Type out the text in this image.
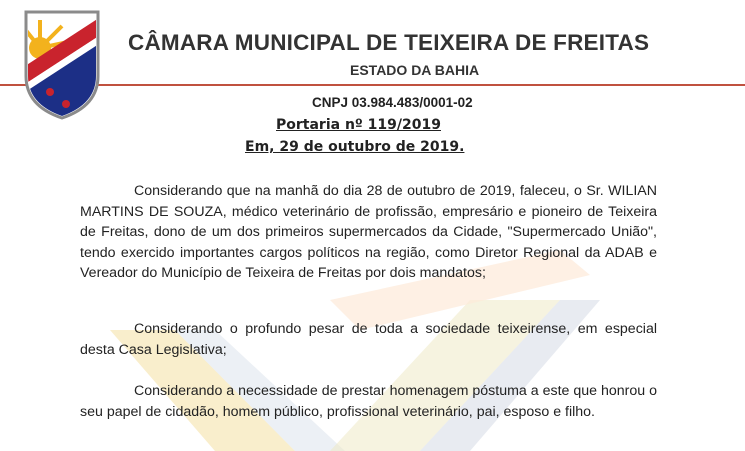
CÂMARA MUNICIPAL DE TEIXEIRA DE FREITAS
ESTADO DA BAHIA
CNPJ 03.984.483/0001-02
Portaria nº 119/2019
Em, 29 de outubro de 2019.

Considerando que na manhã do dia 28 de outubro de 2019, faleceu, o Sr. WILIAN MARTINS DE SOUZA, médico veterinário de profissão, empresário e pioneiro de Teixeira de Freitas, dono de um dos primeiros supermercados da Cidade, "Supermercado União", tendo exercido importantes cargos políticos na região, como Diretor Regional da ADAB e Vereador do Município de Teixeira de Freitas por dois mandatos;

Considerando o profundo pesar de toda a sociedade teixeirense, em especial desta Casa Legislativa;

Considerando a necessidade de prestar homenagem póstuma a este que honrou o seu papel de cidadão, homem público, profissional veterinário, pai, esposo e filho.
